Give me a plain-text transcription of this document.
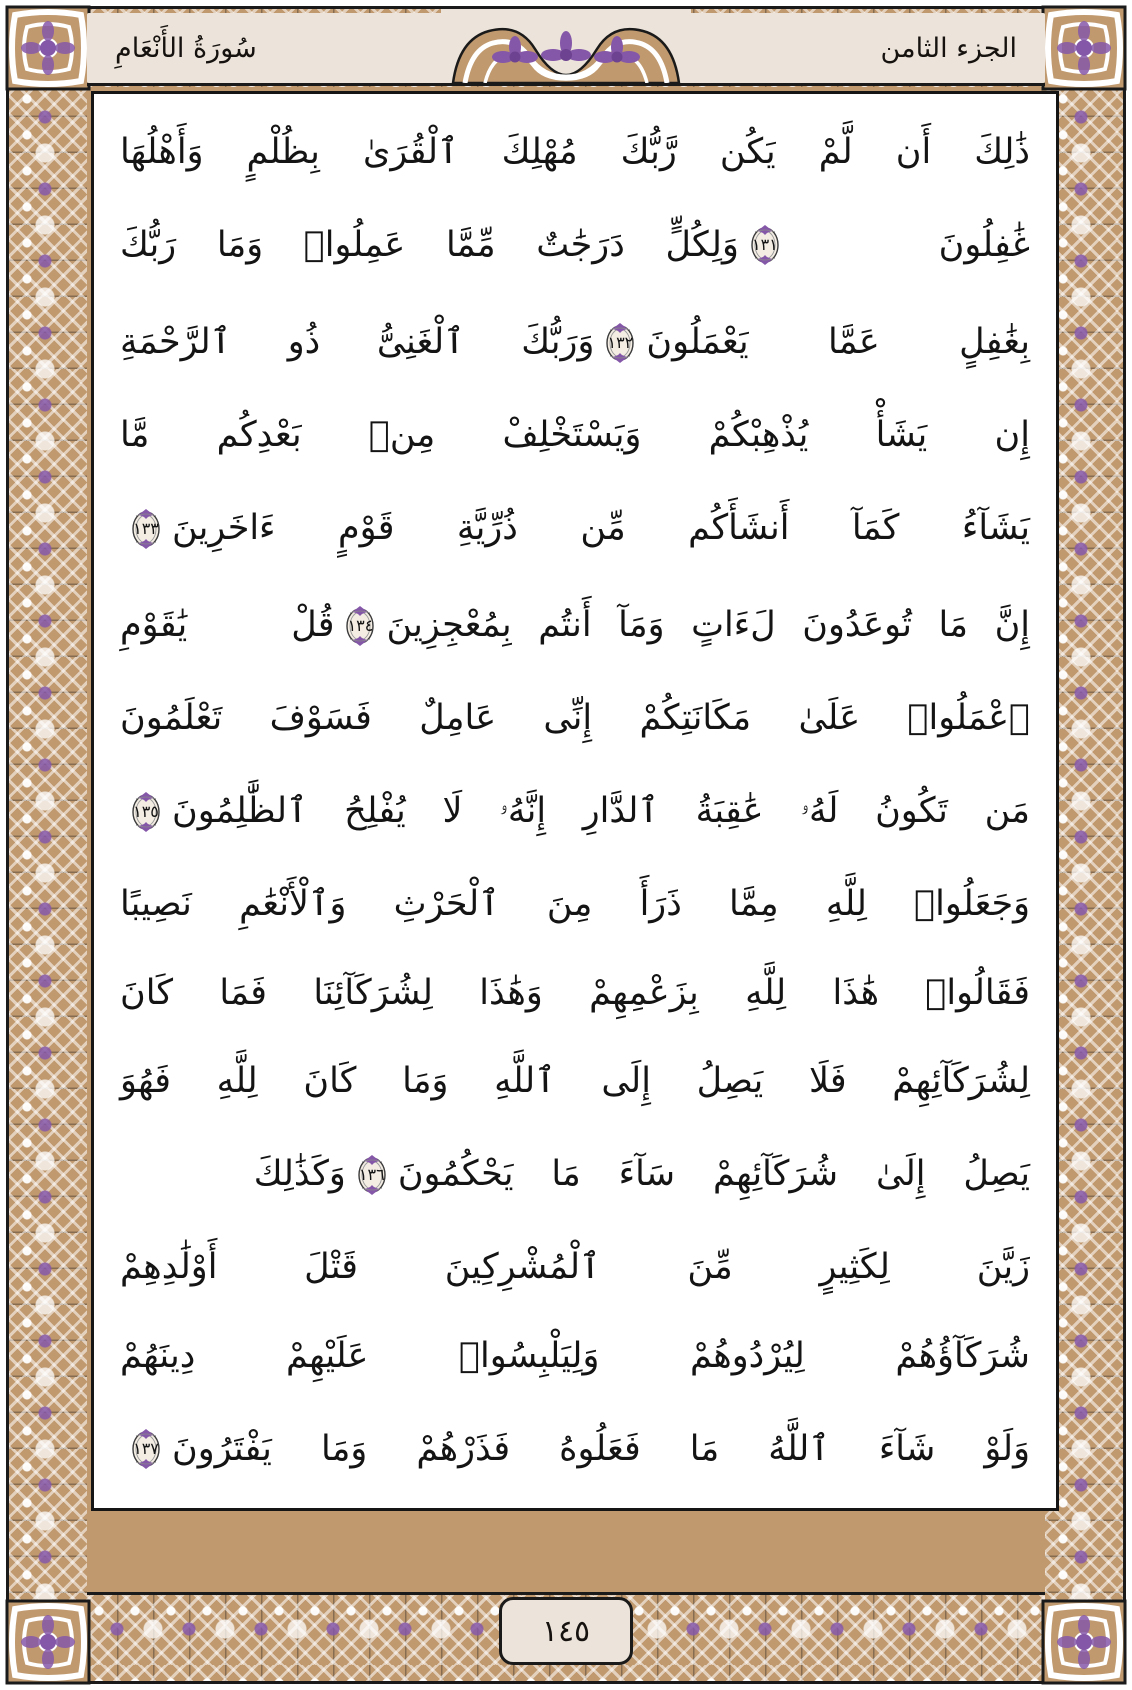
سُورَةُ الأَنْعَامِ	الجزء الثامن
ذَٰلِكَ أَن لَّمْ يَكُن رَّبُّكَ مُهْلِكَ ٱلْقُرَىٰ بِظُلْمٍ وَأَهْلُهَا
غَٰفِلُونَ
١٣١
وَلِكُلٍّ دَرَجَٰتٌ مِّمَّا عَمِلُوا۟ وَمَا رَبُّكَ
بِغَٰفِلٍ عَمَّا يَعْمَلُونَ
١٣٢
وَرَبُّكَ ٱلْغَنِىُّ ذُو ٱلرَّحْمَةِ
إِن يَشَأْ يُذْهِبْكُمْ وَيَسْتَخْلِفْ مِنۢ بَعْدِكُم مَّا
يَشَآءُ كَمَآ أَنشَأَكُم مِّن ذُرِّيَّةِ قَوْمٍ ءَاخَرِينَ
١٣٣
إِنَّ مَا تُوعَدُونَ لَءَاتٍ وَمَآ أَنتُم بِمُعْجِزِينَ
١٣٤
قُلْ يَٰقَوْمِ
ٱعْمَلُوا۟ عَلَىٰ مَكَانَتِكُمْ إِنِّى عَامِلٌ فَسَوْفَ تَعْلَمُونَ
مَن تَكُونُ لَهُۥ عَٰقِبَةُ ٱلدَّارِ إِنَّهُۥ لَا يُفْلِحُ ٱلظَّٰلِمُونَ
١٣٥
وَجَعَلُوا۟ لِلَّهِ مِمَّا ذَرَأَ مِنَ ٱلْحَرْثِ وَٱلْأَنْعَٰمِ نَصِيبًا
فَقَالُوا۟ هَٰذَا لِلَّهِ بِزَعْمِهِمْ وَهَٰذَا لِشُرَكَآئِنَا فَمَا كَانَ
لِشُرَكَآئِهِمْ فَلَا يَصِلُ إِلَى ٱللَّهِ وَمَا كَانَ لِلَّهِ فَهُوَ
يَصِلُ إِلَىٰ شُرَكَآئِهِمْ سَآءَ مَا يَحْكُمُونَ
١٣٦
وَكَذَٰلِكَ
زَيَّنَ لِكَثِيرٍ مِّنَ ٱلْمُشْرِكِينَ قَتْلَ أَوْلَٰدِهِمْ
شُرَكَآؤُهُمْ لِيُرْدُوهُمْ وَلِيَلْبِسُوا۟ عَلَيْهِمْ دِينَهُمْ
وَلَوْ شَآءَ ٱللَّهُ مَا فَعَلُوهُ فَذَرْهُمْ وَمَا يَفْتَرُونَ
١٣٧
١٤٥
